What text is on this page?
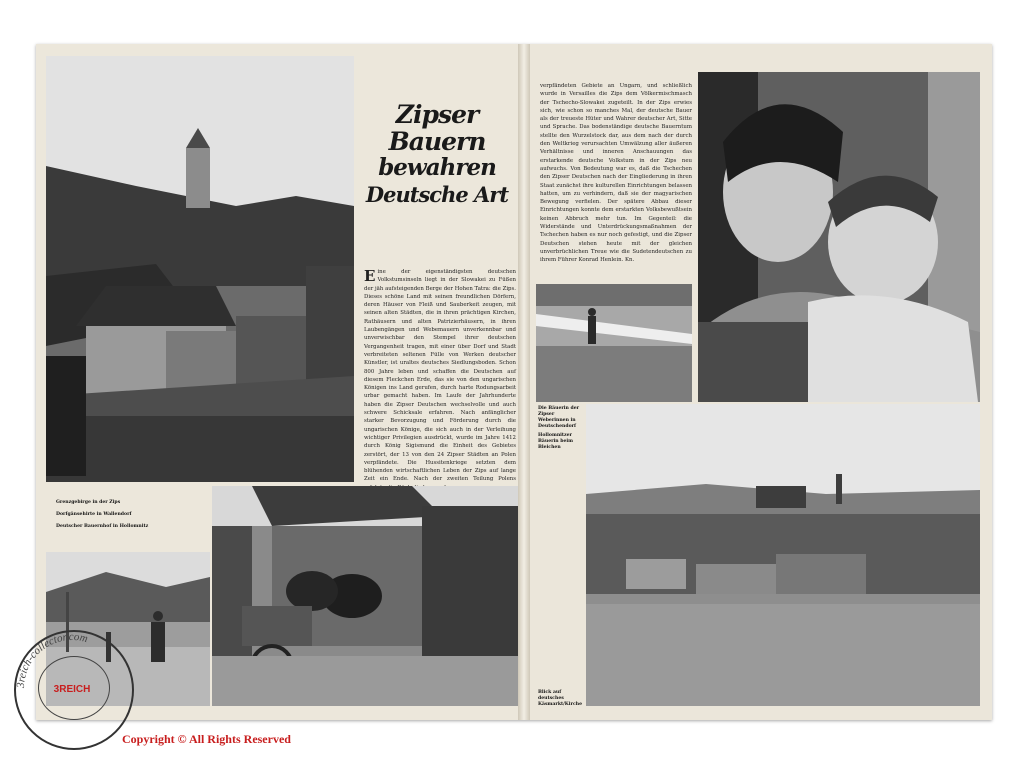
Zipser
Bauern
bewahren
Deutsche Art

Eine der eigenständigsten deutschen Volkstumsinseln liegt in der Slowakei zu Füßen der jäh aufsteigenden Berge der Hohen Tatra: die Zips. Dieses schöne Land mit seinen freundlichen Dörfern, deren Häuser von Fleiß und Sauberkeit zeugen, mit seinen alten Städten, die in ihren prächtigen Kirchen, Rathäusern und alten Patrizierhäusern, in ihren Laubengängen und Webemauern unverkennbar und unverwischbar den Stempel ihrer deutschen Vergangenheit tragen, mit einer über Dorf und Stadt verbreiteten seltenen Fülle von Werken deutscher Künstler, ist uraltes deutsches Siedlungsboden. Schon 800 Jahre leben und schaffen die Deutschen auf diesem Fleckchen Erde, das sie von den ungarischen Königen ins Land gerufen, durch harte Rodungsarbeit urbar gemacht haben. Im Laufe der Jahrhunderte haben die Zipser Deutschen wechselvolle und auch schwere Schicksale erfahren. Nach anfänglicher starker Bevorzugung und Förderung durch die ungarischen Könige, die sich auch in der Verleihung wichtiger Privilegien ausdrückt, wurde im Jahre 1412 durch König Sigismund die Einheit des Gebietes zerstört, der 13 von den 24 Zipser Städten an Polen verpfändete. Die Hussitenkriege setzten dem blühenden wirtschaftlichen Leben der Zips auf lange Zeit ein Ende. Nach der zweiten Teilung Polens

Grenzgebirge in der Zips
Dorfgänsehirte in Wallendorf
Deutscher Bauernhof in Hollomnitz

verpfändeten Gebiete an Ungarn, und schließlich wurde in Versailles die Zips dem Völkermischmasch der Tschecho-Slowakei zugeteilt. In der Zips erwies sich, wie schon so manches Mal, der deutsche Bauer als der treueste Hüter und Wahrer deutscher Art, Sitte und Sprache. Das bodenständige deutsche Bauerntum stellte den Wurzelstock dar, aus dem nach der durch den Weltkrieg verursachten Umwälzung aller äußeren Verhältnisse und inneren Anschauungen das erstarkende deutsche Volkstum in der Zips neu aufwuchs. Von Bedeutung war es, daß die Tschechen den Zipser Deutschen nach der Eingliederung in ihren Staat zunächst ihre kulturellen Einrichtungen belassen hatten, um zu verhindern, daß sie der magyarischen Bewegung verfielen. Der spätere Abbau dieser Einrichtungen konnte dem erstarkten Volksbewußtsein keinen Abbruch mehr tun. Im Gegenteil: die Widerstände und Unterdrückungsmaßnahmen der Tschechen haben es nur noch gefestigt, und die Zipser Deutschen stehen heute mit der gleichen unverbrüchlichen Treue wie die Sudetendeutschen zu ihrem Führer Konrad Henlein. Kn.

Die Bäuerin der Zipser Weberinnen in Deutschendorf
Hollomnitzer Bäuerin beim Bleichen
Blick auf deutsches Käsmarkt/Kirche
3reich-collector.com
3REICH
Copyright © All Rights Reserved
